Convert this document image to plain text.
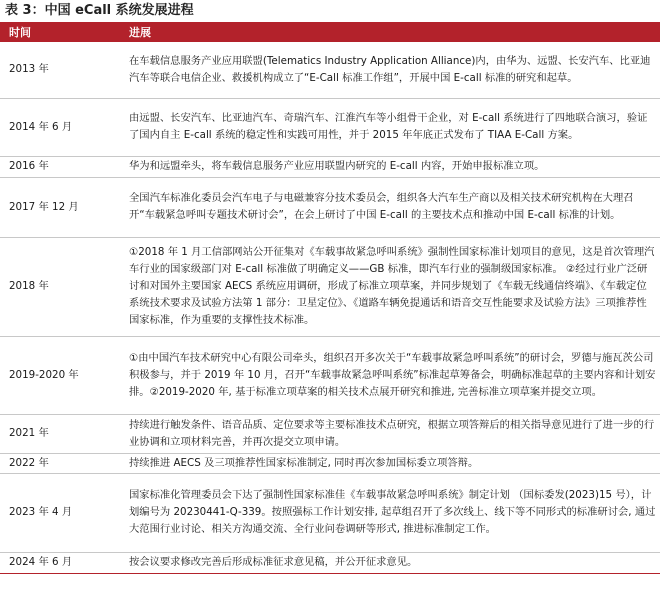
表 3：中国 eCall 系统发展进程
时间	进展
2013 年	在车载信息服务产业应用联盟(Telematics Industry Application Alliance)内，由华为、远盟、长安汽车、比亚迪汽车等联合电信企业、救援机构成立了“E-Call 标准工作组”，开展中国 E-call 标准的研究和起草。
2014 年 6 月	由远盟、长安汽车、比亚迪汽车、奇瑞汽车、江淮汽车等小组骨干企业，对 E-call 系统进行了四地联合演习，验证了国内自主 E-call 系统的稳定性和实践可用性，并于 2015 年年底正式发布了 TIAA E-Call 方案。
2016 年	华为和远盟牵头，将车载信息服务产业应用联盟内研究的 E-call 内容，开始申报标准立项。
2017 年 12 月	全国汽车标准化委员会汽车电子与电磁兼容分技术委员会，组织各大汽车生产商以及相关技术研究机构在大理召开“车载紧急呼叫专题技术研讨会”，在会上研讨了中国 E-call 的主要技术点和推动中国 E-call 标准的计划。
2018 年	①2018 年 1 月工信部网站公开征集对《车载事故紧急呼叫系统》强制性国家标准计划项目的意见，这是首次管理汽车行业的国家级部门对 E-call 标准做了明确定义——GB 标准，即汽车行业的强制级国家标准。 ②经过行业广泛研讨和对国外主要国家 AECS 系统应用调研，形成了标准立项草案，并同步规划了《车载无线通信终端》、《车载定位系统技术要求及试验方法第 1 部分：卫星定位》、《道路车辆免提通话和语音交互性能要求及试验方法》三项推荐性国家标准，作为重要的支撑性技术标准。
2019-2020 年	①由中国汽车技术研究中心有限公司牵头，组织召开多次关于“车载事故紧急呼叫系统”的研讨会，罗德与施瓦茨公司积极参与，并于 2019 年 10 月，召开“车载事故紧急呼叫系统”标准起草筹备会，明确标准起草的主要内容和计划安排。②2019-2020 年, 基于标准立项草案的相关技术点展开研究和推进, 完善标准立项草案并提交立项。
2021 年	持续进行触发条件、语音品质、定位要求等主要标准技术点研究，根据立项答辩后的相关指导意见进行了进一步的行业协调和立项材料完善，并再次提交立项申请。
2022 年	持续推进 AECS 及三项推荐性国家标准制定, 同时再次参加国标委立项答辩。
2023 年 4 月	国家标准化管理委员会下达了强制性国家标准佳《车载事故紧急呼叫系统》制定计划 （国标委发(2023)15 号），计划编号为 20230441-Q-339。按照强标工作计划安排, 起草组召开了多次线上、线下等不同形式的标准研讨会, 通过大范围行业讨论、相关方沟通交流、全行业问卷调研等形式, 推进标准制定工作。
2024 年 6 月	按会议要求修改完善后形成标准征求意见稿，并公开征求意见。
